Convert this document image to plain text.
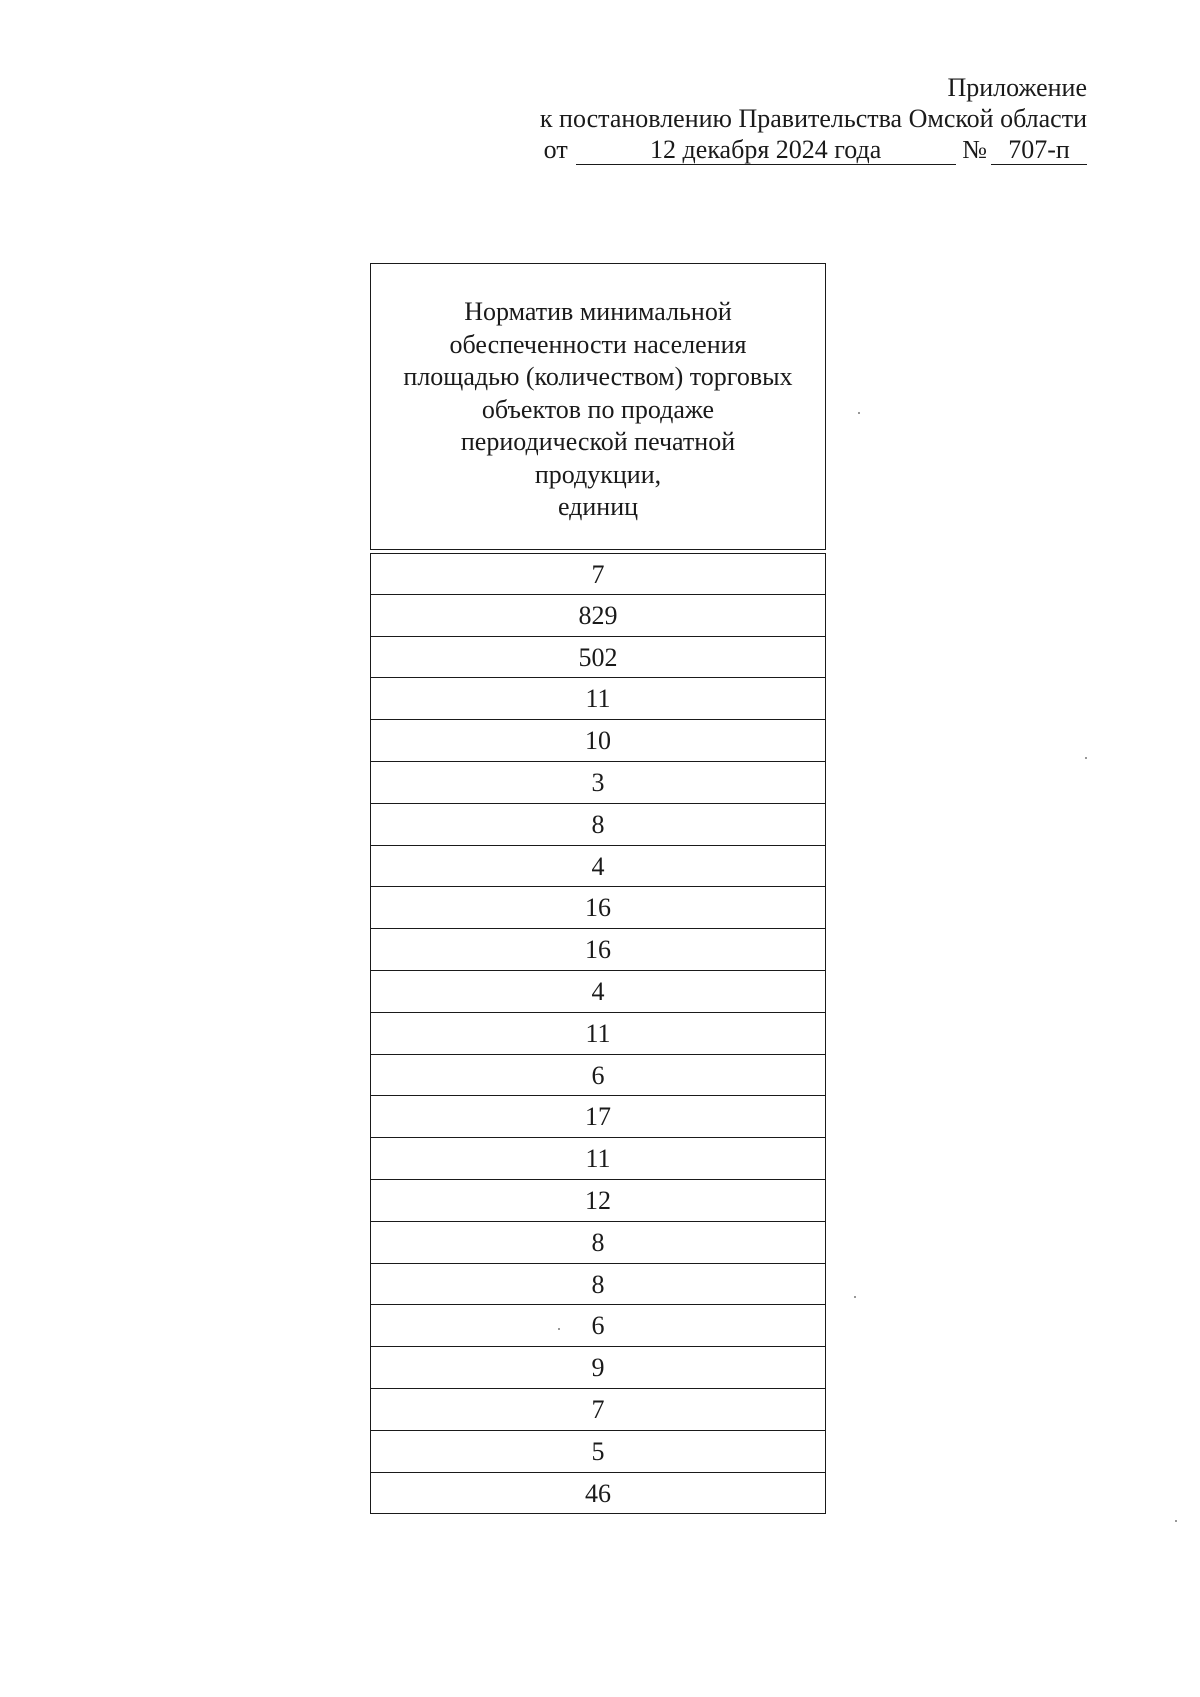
Приложение
к постановлению Правительства Омской области
от	12 декабря 2024 года	№ 707-п
Норматив минимальной
обеспеченности населения
площадью (количеством) торговых
объектов по продаже
периодической печатной
продукции,
единиц
7
829
502
11
10
3
8
4
16
16
4
11
6
17
11
12
8
8
6
9
7
5
46
